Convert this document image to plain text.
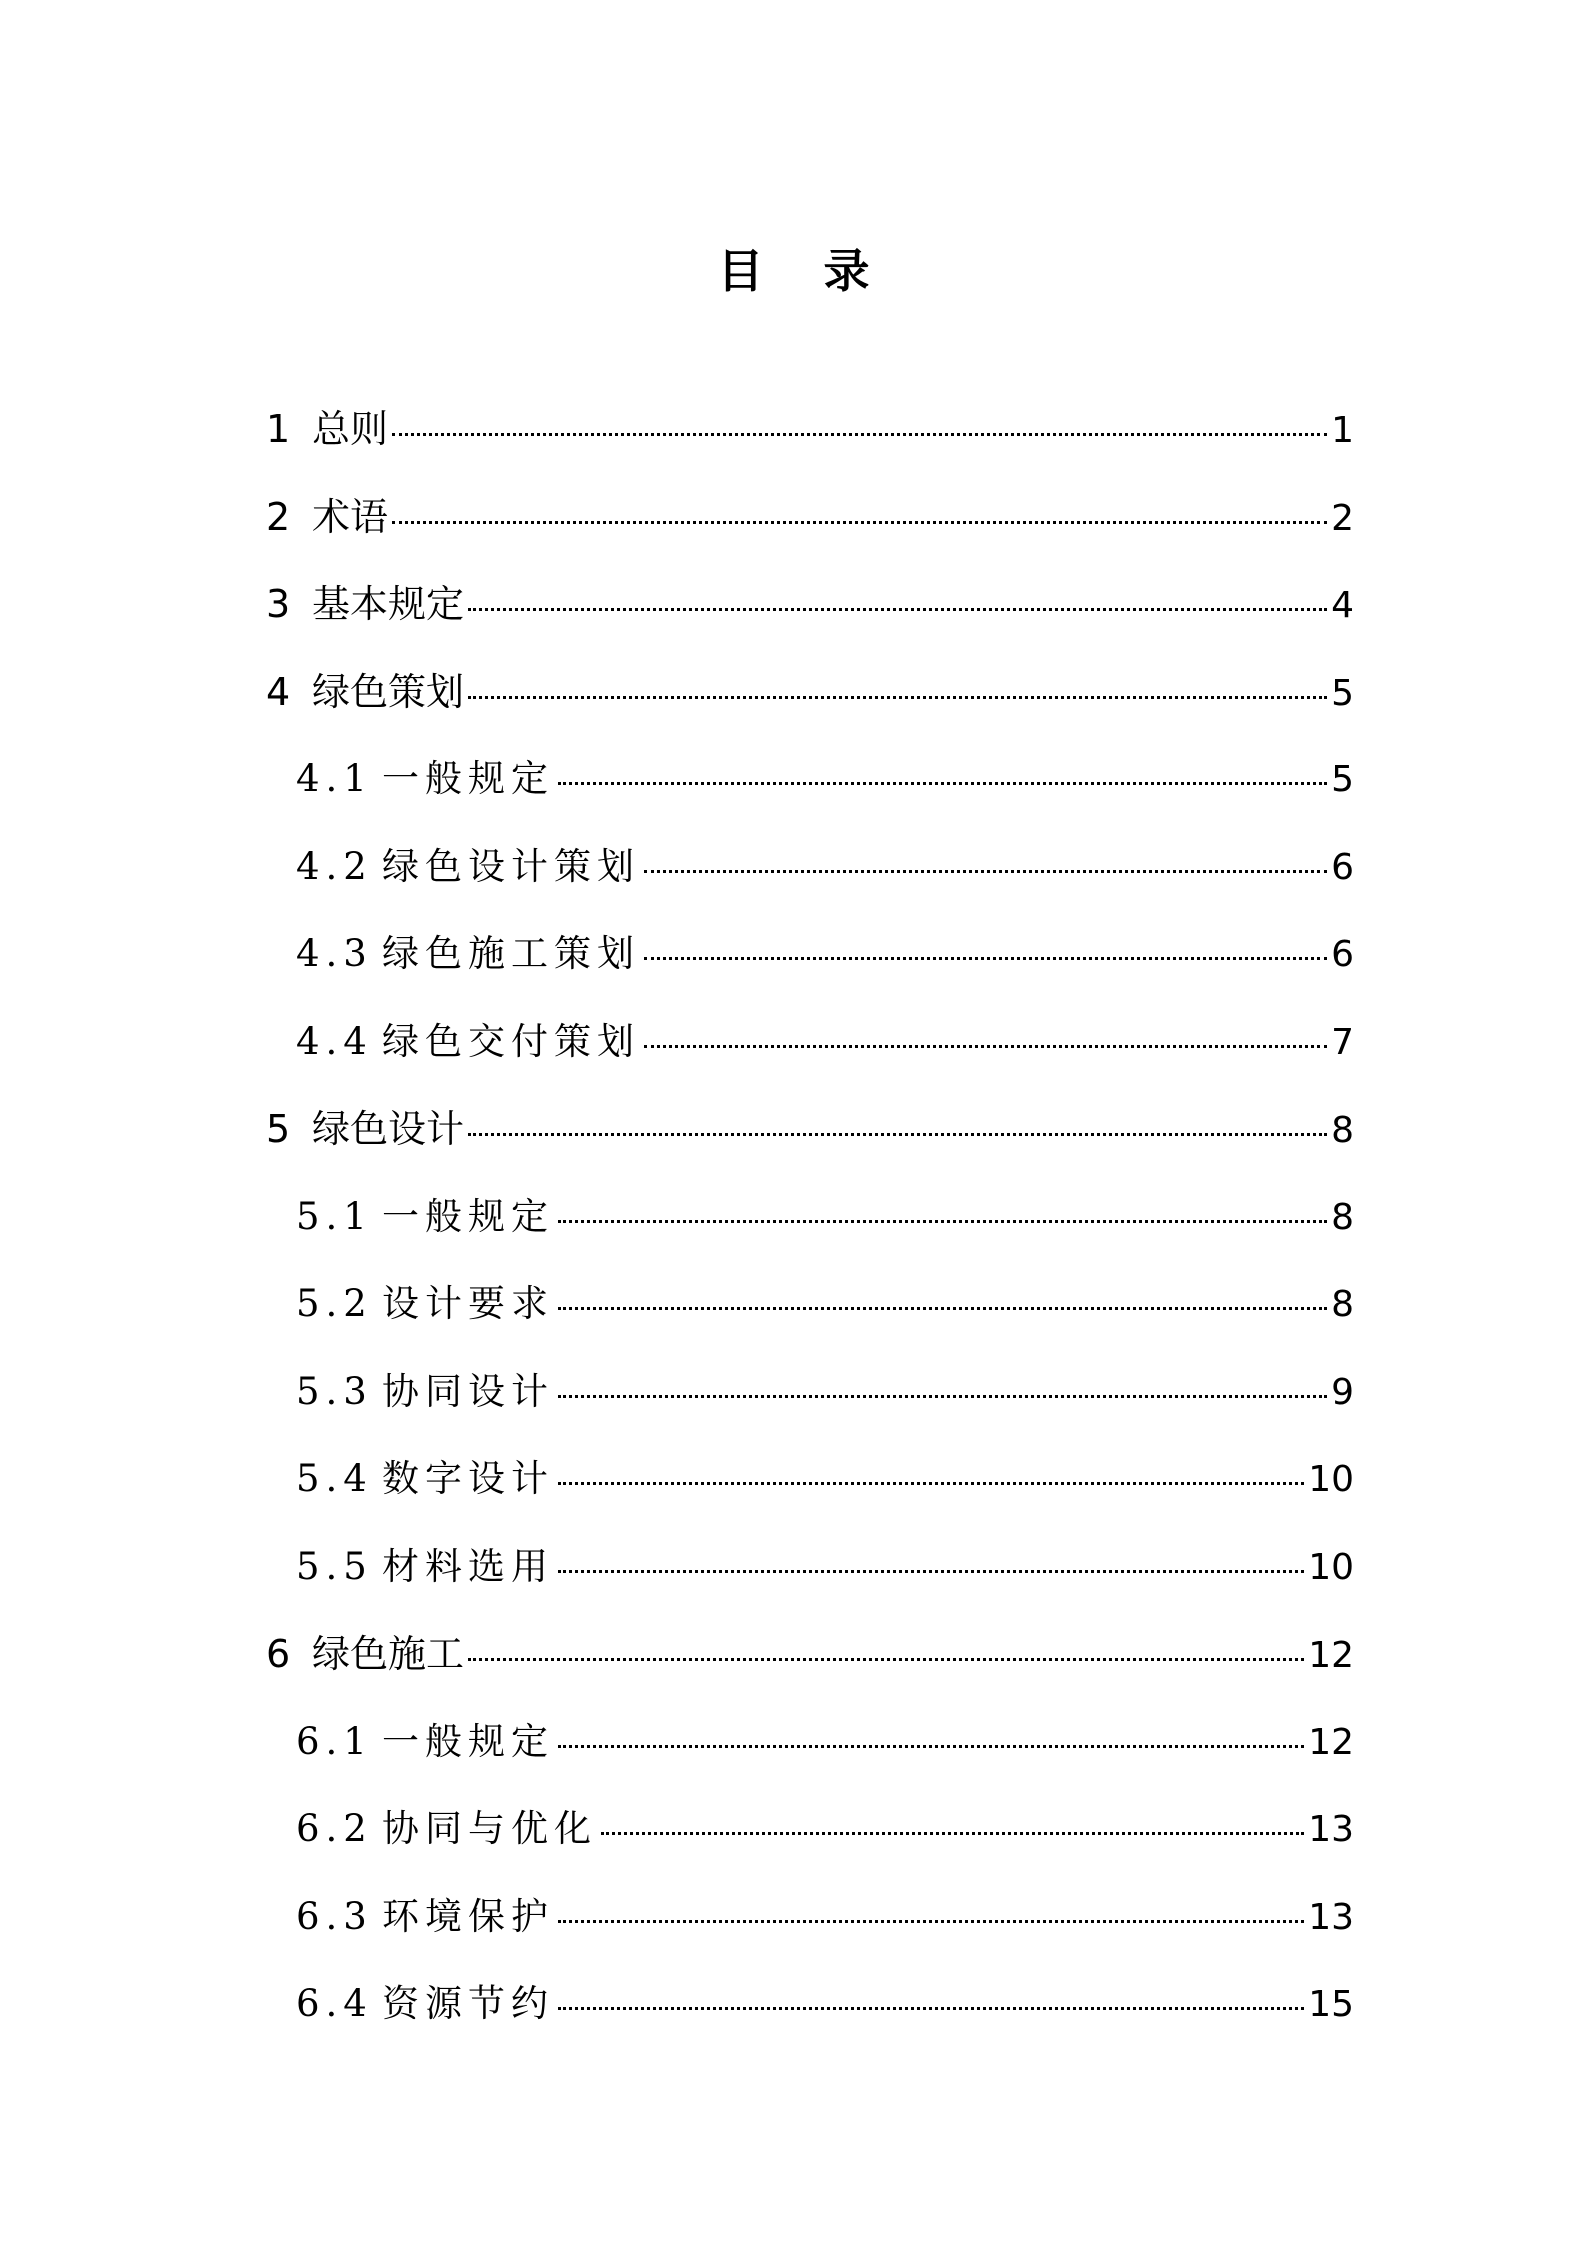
目 录
1 总则	1
2 术语	2
3 基本规定	4
4 绿色策划	5
4.1 一般规定	5
4.2 绿色设计策划	6
4.3 绿色施工策划	6
4.4 绿色交付策划	7
5 绿色设计	8
5.1 一般规定	8
5.2 设计要求	8
5.3 协同设计	9
5.4 数字设计	10
5.5 材料选用	10
6 绿色施工	12
6.1 一般规定	12
6.2 协同与优化	13
6.3 环境保护	13
6.4 资源节约	15
